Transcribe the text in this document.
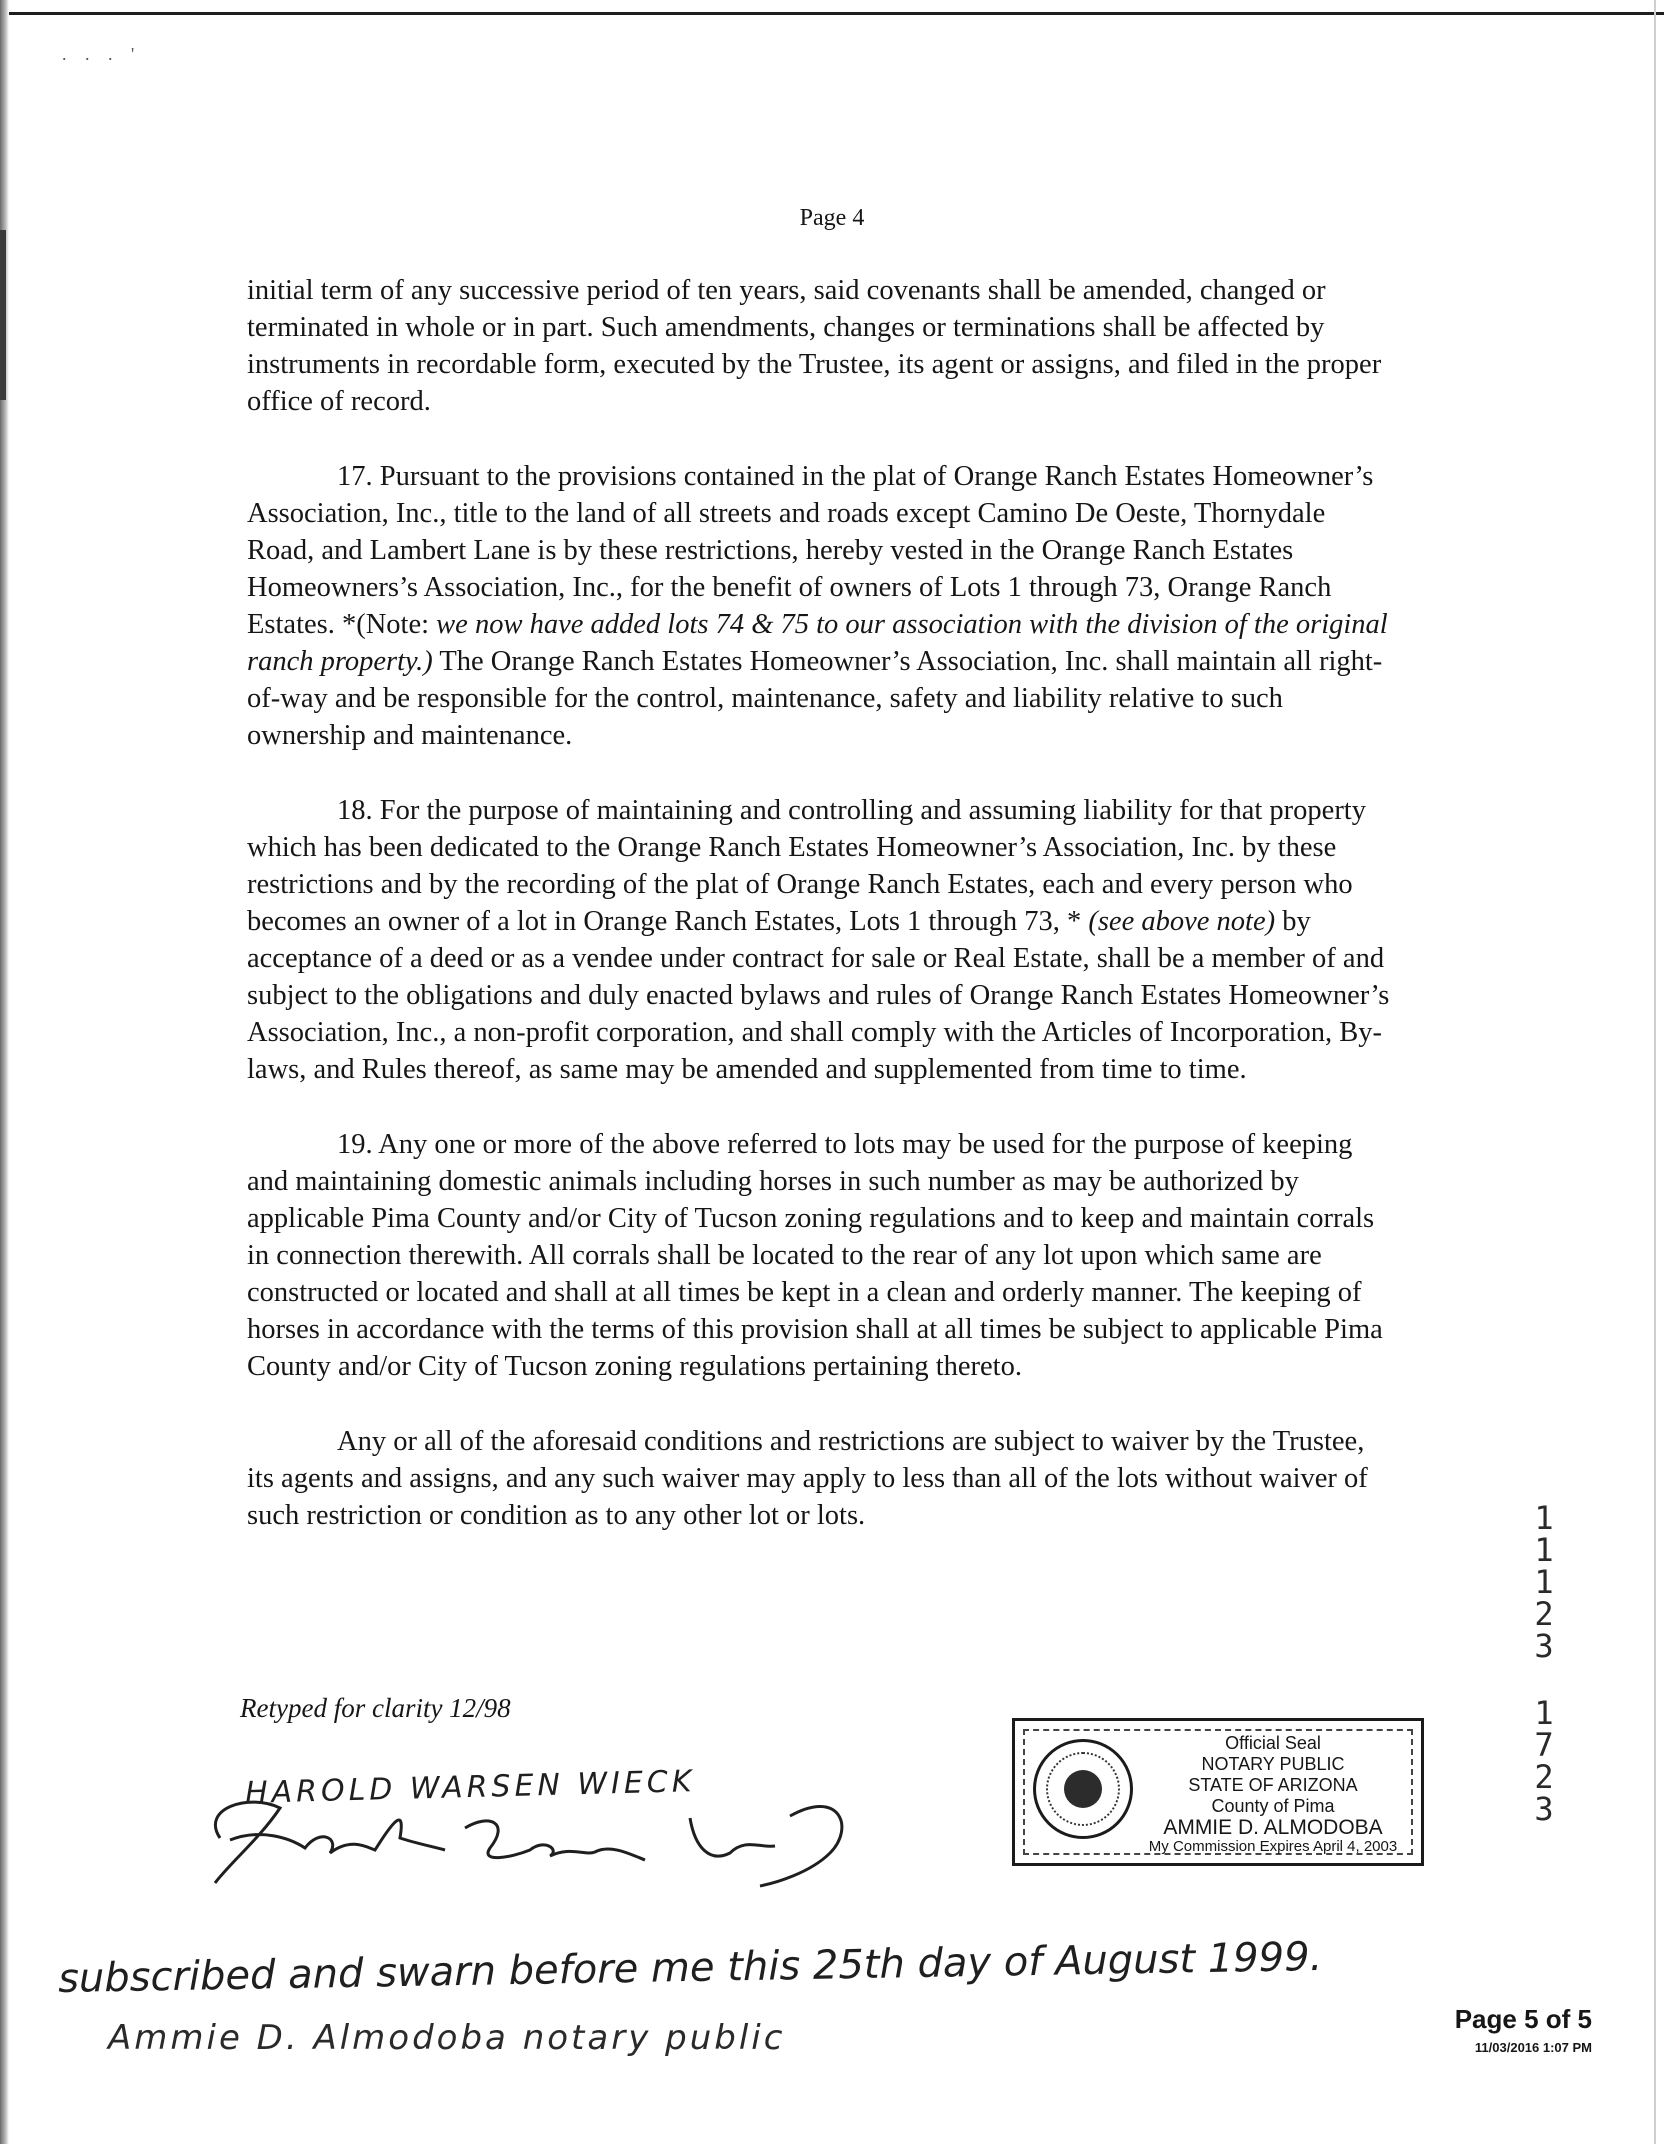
. . . '
Page 4

initial term of any successive period of ten years, said covenants shall be amended, changed or terminated in whole or in part. Such amendments, changes or terminations shall be affected by instruments in recordable form, executed by the Trustee, its agent or assigns, and filed in the proper office of record.

17. Pursuant to the provisions contained in the plat of Orange Ranch Estates Homeowner’s Association, Inc., title to the land of all streets and roads except Camino De Oeste, Thornydale Road, and Lambert Lane is by these restrictions, hereby vested in the Orange Ranch Estates Homeowners’s Association, Inc., for the benefit of owners of Lots 1 through 73, Orange Ranch Estates. *(Note: we now have added lots 74 & 75 to our association with the division of the original ranch property.) The Orange Ranch Estates Homeowner’s Association, Inc. shall maintain all right-of-way and be responsible for the control, maintenance, safety and liability relative to such ownership and maintenance.

18. For the purpose of maintaining and controlling and assuming liability for that property which has been dedicated to the Orange Ranch Estates Homeowner’s Association, Inc. by these restrictions and by the recording of the plat of Orange Ranch Estates, each and every person who becomes an owner of a lot in Orange Ranch Estates, Lots 1 through 73, * (see above note) by acceptance of a deed or as a vendee under contract for sale or Real Estate, shall be a member of and subject to the obligations and duly enacted bylaws and rules of Orange Ranch Estates Homeowner’s Association, Inc., a non-profit corporation, and shall comply with the Articles of Incorporation, By-laws, and Rules thereof, as same may be amended and supplemented from time to time.

19. Any one or more of the above referred to lots may be used for the purpose of keeping and maintaining domestic animals including horses in such number as may be authorized by applicable Pima County and/or City of Tucson zoning regulations and to keep and maintain corrals in connection therewith. All corrals shall be located to the rear of any lot upon which same are constructed or located and shall at all times be kept in a clean and orderly manner. The keeping of horses in accordance with the terms of this provision shall at all times be subject to applicable Pima County and/or City of Tucson zoning regulations pertaining thereto.

Any or all of the aforesaid conditions and restrictions are subject to waiver by the Trustee, its agents and assigns, and any such waiver may apply to less than all of the lots without waiver of such restriction or condition as to any other lot or lots.

Retyped for clarity 12/98
Official Seal
NOTARY PUBLIC
STATE OF ARIZONA
County of Pima
AMMIE D. ALMODOBA
My Commission Expires April 4, 2003
HAROLD WARSEN WIECK
subscribed and swarn before me this 25th day of August 1999.
Ammie D. Almodoba notary public
1
1
1
2
3
1
7
2
3
Page 5 of 5
11/03/2016 1:07 PM
